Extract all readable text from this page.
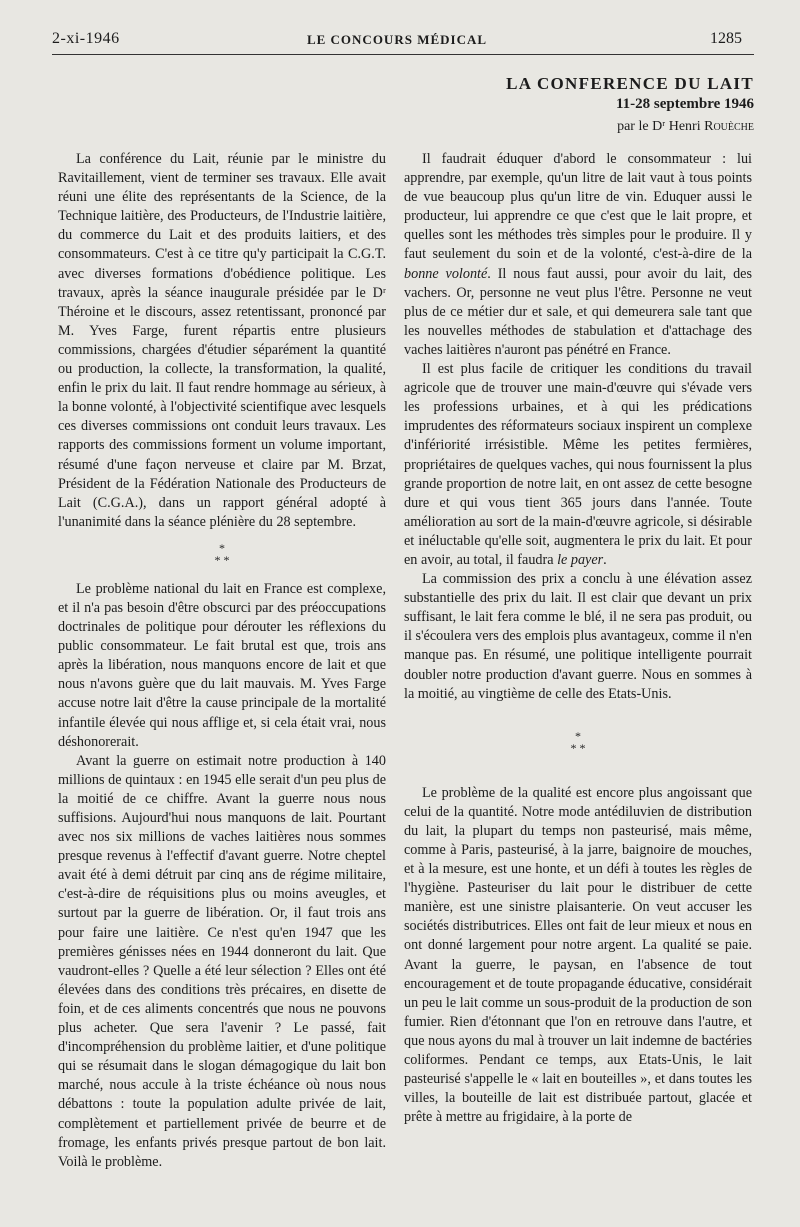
2-xi-1946	LE CONCOURS MÉDICAL	1285
LA CONFERENCE DU LAIT
11-28 septembre 1946
par le Dʳ Henri Rouèche

La conférence du Lait, réunie par le ministre du Ravitaillement, vient de terminer ses travaux. Elle avait réuni une élite des représentants de la Science, de la Technique laitière, des Producteurs, de l'Industrie laitière, du commerce du Lait et des produits laitiers, et des consommateurs. C'est à ce titre qu'y participait la C.G.T. avec diverses formations d'obédience politique. Les travaux, après la séance inaugurale présidée par le Dʳ Théroine et le discours, assez retentissant, prononcé par M. Yves Farge, furent répartis entre plusieurs commissions, chargées d'étudier séparément la quantité ou production, la collecte, la transformation, la qualité, enfin le prix du lait. Il faut rendre hommage au sérieux, à la bonne volonté, à l'objectivité scientifique avec lesquels ces diverses commissions ont conduit leurs travaux. Les rapports des commissions forment un volume important, résumé d'une façon nerveuse et claire par M. Brzat, Président de la Fédération Nationale des Producteurs de Lait (C.G.A.), dans un rapport général adopté à l'unanimité dans la séance plénière du 28 septembre.

*
* *

Le problème national du lait en France est complexe, et il n'a pas besoin d'être obscurci par des préoccupations doctrinales de politique pour dérouter les réflexions du public consommateur. Le fait brutal est que, trois ans après la libération, nous manquons encore de lait et que nous n'avons guère que du lait mauvais. M. Yves Farge accuse notre lait d'être la cause principale de la mortalité infantile élevée qui nous afflige et, si cela était vrai, nous déshonorerait.

Avant la guerre on estimait notre production à 140 millions de quintaux : en 1945 elle serait d'un peu plus de la moitié de ce chiffre. Avant la guerre nous nous suffisions. Aujourd'hui nous manquons de lait. Pourtant avec nos six millions de vaches laitières nous sommes presque revenus à l'effectif d'avant guerre. Notre cheptel avait été à demi détruit par cinq ans de régime militaire, c'est-à-dire de réquisitions plus ou moins aveugles, et surtout par la guerre de libération. Or, il faut trois ans pour faire une laitière. Ce n'est qu'en 1947 que les premières génisses nées en 1944 donneront du lait. Que vaudront-elles ? Quelle a été leur sélection ? Elles ont été élevées dans des conditions très précaires, en disette de foin, et de ces aliments concentrés que nous ne pouvons plus acheter. Que sera l'avenir ? Le passé, fait d'incompréhension du problème laitier, et d'une politique qui se résumait dans le slogan démagogique du lait bon marché, nous accule à la triste échéance où nous nous débattons : toute la population adulte privée de lait, complètement et partiellement privée de beurre et de fromage, les enfants privés presque partout de bon lait. Voilà le problème.

Il faudrait éduquer d'abord le consommateur : lui apprendre, par exemple, qu'un litre de lait vaut à tous points de vue beaucoup plus qu'un litre de vin. Eduquer aussi le producteur, lui apprendre ce que c'est que le lait propre, et quelles sont les méthodes très simples pour le produire. Il y faut seulement du soin et de la volonté, c'est-à-dire de la bonne volonté. Il nous faut aussi, pour avoir du lait, des vachers. Or, personne ne veut plus l'être. Personne ne veut plus de ce métier dur et sale, et qui demeurera sale tant que les nouvelles méthodes de stabulation et d'attachage des vaches laitières n'auront pas pénétré en France.

Il est plus facile de critiquer les conditions du travail agricole que de trouver une main-d'œuvre qui s'évade vers les professions urbaines, et à qui les prédications imprudentes des réformateurs sociaux inspirent un complexe d'infériorité irrésistible. Même les petites fermières, propriétaires de quelques vaches, qui nous fournissent la plus grande proportion de notre lait, en ont assez de cette besogne dure et qui vous tient 365 jours dans l'année. Toute amélioration au sort de la main-d'œuvre agricole, si désirable et inéluctable qu'elle soit, augmentera le prix du lait. Et pour en avoir, au total, il faudra le payer.

La commission des prix a conclu à une élévation assez substantielle des prix du lait. Il est clair que devant un prix suffisant, le lait fera comme le blé, il ne sera pas produit, ou il s'écoulera vers des emplois plus avantageux, comme il n'en manque pas. En résumé, une politique intelligente pourrait doubler notre production d'avant guerre. Nous en sommes à la moitié, au vingtième de celle des Etats-Unis.

*
* *

Le problème de la qualité est encore plus angoissant que celui de la quantité. Notre mode antédiluvien de distribution du lait, la plupart du temps non pasteurisé, mais même, comme à Paris, pasteurisé, à la jarre, baignoire de mouches, et à la mesure, est une honte, et un défi à toutes les règles de l'hygiène. Pasteuriser du lait pour le distribuer de cette manière, est une sinistre plaisanterie. On veut accuser les sociétés distributrices. Elles ont fait de leur mieux et nous en ont donné largement pour notre argent. La qualité se paie. Avant la guerre, le paysan, en l'absence de tout encouragement et de toute propagande éducative, considérait un peu le lait comme un sous-produit de la production de son fumier. Rien d'étonnant que l'on en retrouve dans l'autre, et que nous ayons du mal à trouver un lait indemne de bactéries coliformes. Pendant ce temps, aux Etats-Unis, le lait pasteurisé s'appelle le « lait en bouteilles », et dans toutes les villes, la bouteille de lait est distribuée partout, glacée et prête à mettre au frigidaire, à la porte de
